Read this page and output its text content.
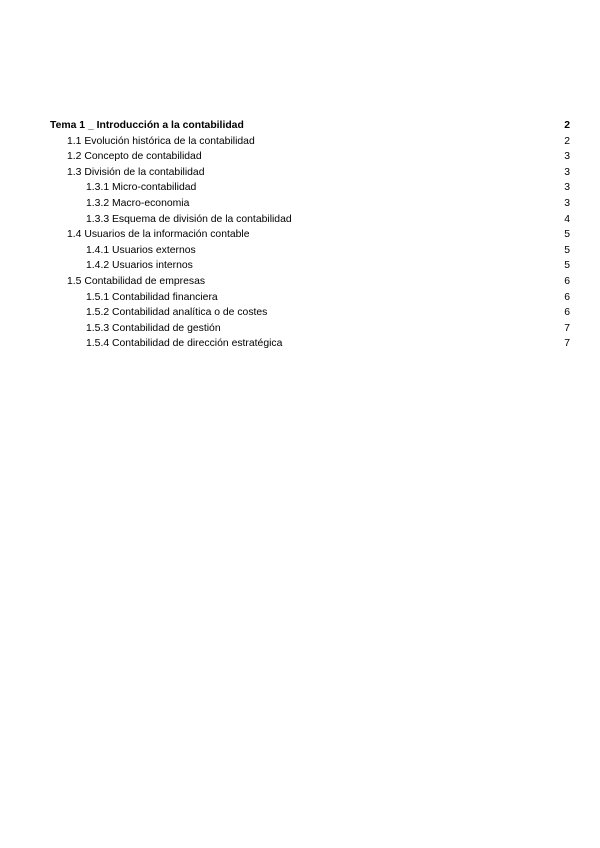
Tema 1 _ Introducción a la contabilidad	2
1.1 Evolución histórica de la contabilidad	2
1.2 Concepto de contabilidad	3
1.3 División de la contabilidad	3
1.3.1 Micro-contabilidad	3
1.3.2 Macro-economia	3
1.3.3 Esquema de división de la contabilidad	4
1.4 Usuarios de la información contable	5
1.4.1 Usuarios externos	5
1.4.2 Usuarios internos	5
1.5 Contabilidad de empresas	6
1.5.1 Contabilidad financiera	6
1.5.2 Contabilidad analítica o de costes	6
1.5.3 Contabilidad de gestión	7
1.5.4 Contabilidad de dirección estratégica	7
